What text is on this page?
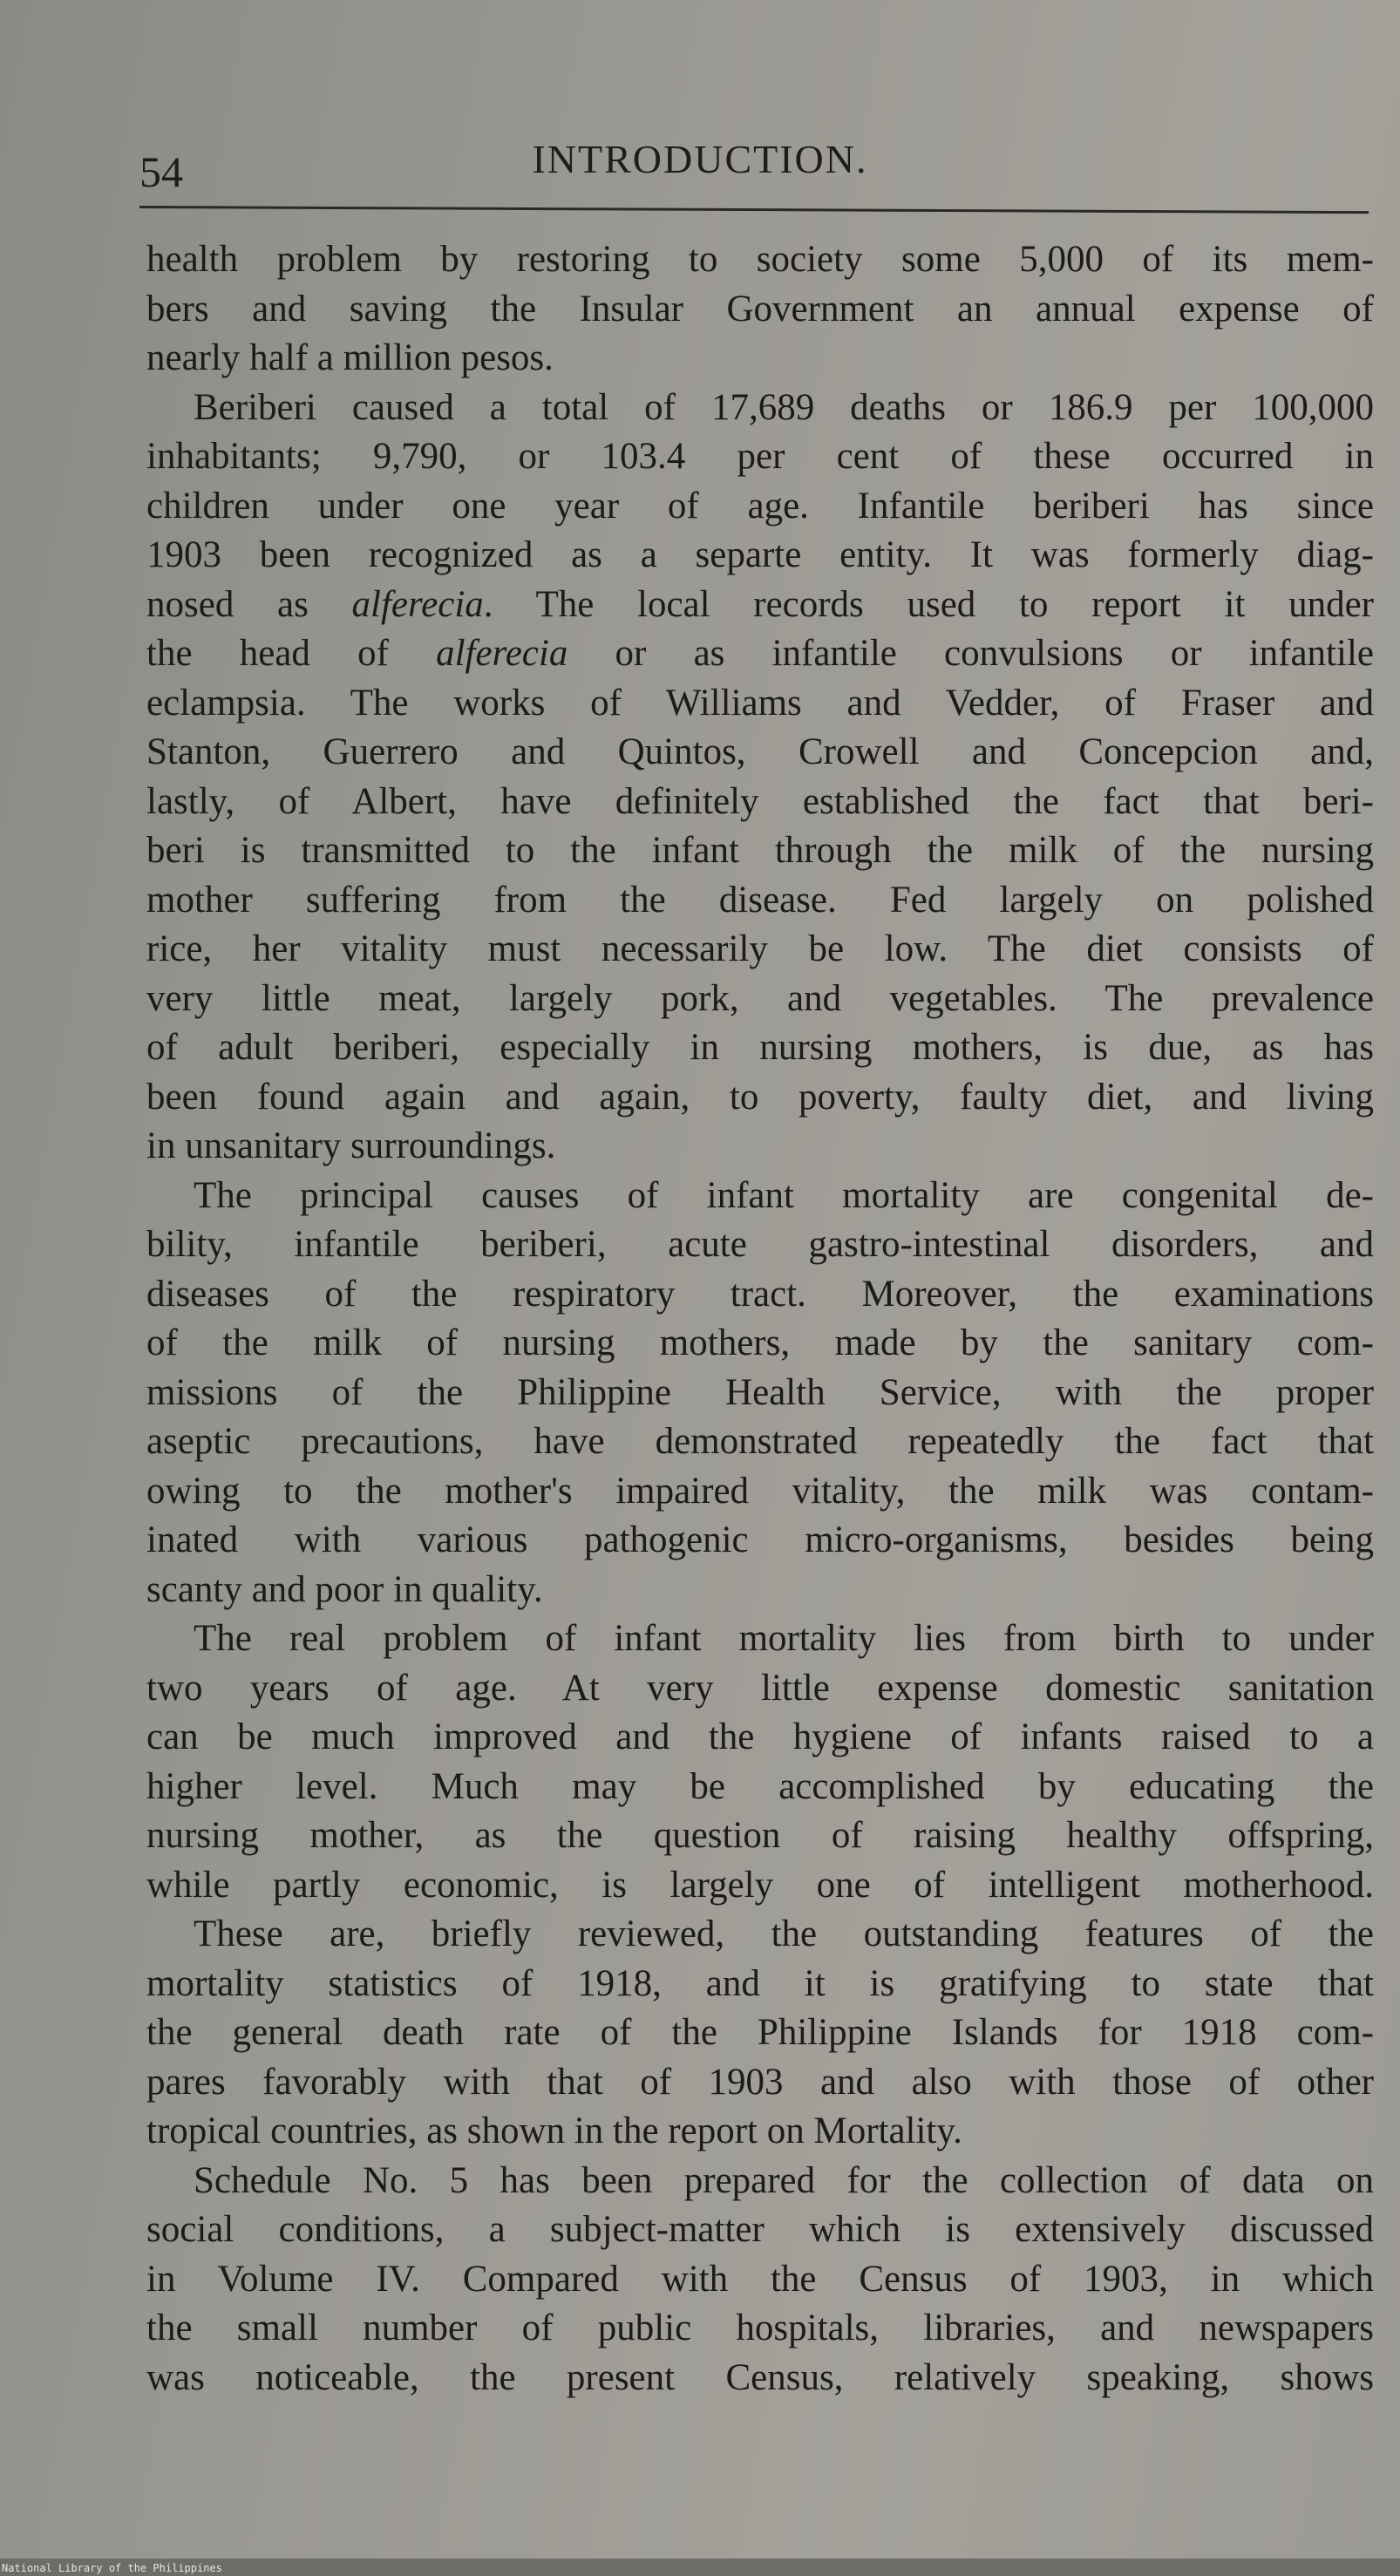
54	INTRODUCTION.
health problem by restoring to society some 5,000 of its mem-
bers and saving the Insular Government an annual expense of
nearly half a million pesos.
Beriberi caused a total of 17,689 deaths or 186.9 per 100,000
inhabitants; 9,790, or 103.4 per cent of these occurred in
children under one year of age. Infantile beriberi has since
1903 been recognized as a separte entity. It was formerly diag-
nosed as alferecia. The local records used to report it under
the head of alferecia or as infantile convulsions or infantile
eclampsia. The works of Williams and Vedder, of Fraser and
Stanton, Guerrero and Quintos, Crowell and Concepcion and,
lastly, of Albert, have definitely established the fact that beri-
beri is transmitted to the infant through the milk of the nursing
mother suffering from the disease. Fed largely on polished
rice, her vitality must necessarily be low. The diet consists of
very little meat, largely pork, and vegetables. The prevalence
of adult beriberi, especially in nursing mothers, is due, as has
been found again and again, to poverty, faulty diet, and living
in unsanitary surroundings.
The principal causes of infant mortality are congenital de-
bility, infantile beriberi, acute gastro-intestinal disorders, and
diseases of the respiratory tract. Moreover, the examinations
of the milk of nursing mothers, made by the sanitary com-
missions of the Philippine Health Service, with the proper
aseptic precautions, have demonstrated repeatedly the fact that
owing to the mother's impaired vitality, the milk was contam-
inated with various pathogenic micro-organisms, besides being
scanty and poor in quality.
The real problem of infant mortality lies from birth to under
two years of age. At very little expense domestic sanitation
can be much improved and the hygiene of infants raised to a
higher level. Much may be accomplished by educating the
nursing mother, as the question of raising healthy offspring,
while partly economic, is largely one of intelligent motherhood.
These are, briefly reviewed, the outstanding features of the
mortality statistics of 1918, and it is gratifying to state that
the general death rate of the Philippine Islands for 1918 com-
pares favorably with that of 1903 and also with those of other
tropical countries, as shown in the report on Mortality.
Schedule No. 5 has been prepared for the collection of data on
social conditions, a subject-matter which is extensively discussed
in Volume IV. Compared with the Census of 1903, in which
the small number of public hospitals, libraries, and newspapers
was noticeable, the present Census, relatively speaking, shows
National Library of the Philippines
